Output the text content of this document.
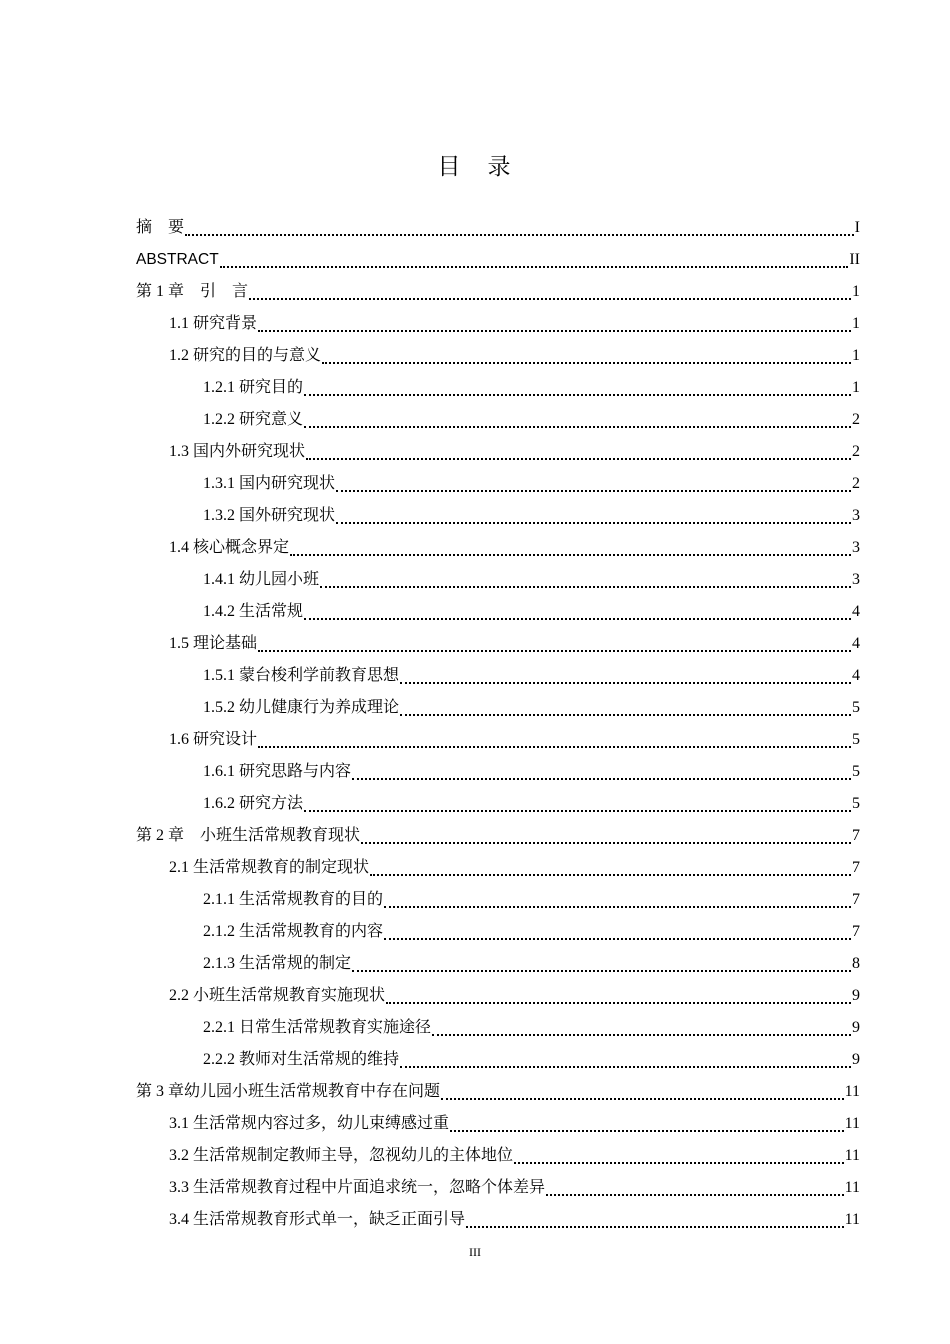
目　录
摘　要	I
ABSTRACT	II
第 1 章　引　言	1
1.1 研究背景	1
1.2 研究的目的与意义	1
1.2.1 研究目的	1
1.2.2 研究意义	2
1.3 国内外研究现状	2
1.3.1 国内研究现状	2
1.3.2 国外研究现状	3
1.4 核心概念界定	3
1.4.1 幼儿园小班	3
1.4.2 生活常规	4
1.5 理论基础	4
1.5.1 蒙台梭利学前教育思想	4
1.5.2 幼儿健康行为养成理论	5
1.6 研究设计	5
1.6.1 研究思路与内容	5
1.6.2 研究方法	5
第 2 章　小班生活常规教育现状	7
2.1 生活常规教育的制定现状	7
2.1.1 生活常规教育的目的	7
2.1.2 生活常规教育的内容	7
2.1.3 生活常规的制定	8
2.2 小班生活常规教育实施现状	9
2.2.1 日常生活常规教育实施途径	9
2.2.2 教师对生活常规的维持	9
第 3 章幼儿园小班生活常规教育中存在问题	11
3.1 生活常规内容过多，幼儿束缚感过重	11
3.2 生活常规制定教师主导，忽视幼儿的主体地位	11
3.3 生活常规教育过程中片面追求统一，忽略个体差异	11
3.4 生活常规教育形式单一，缺乏正面引导	11
III
